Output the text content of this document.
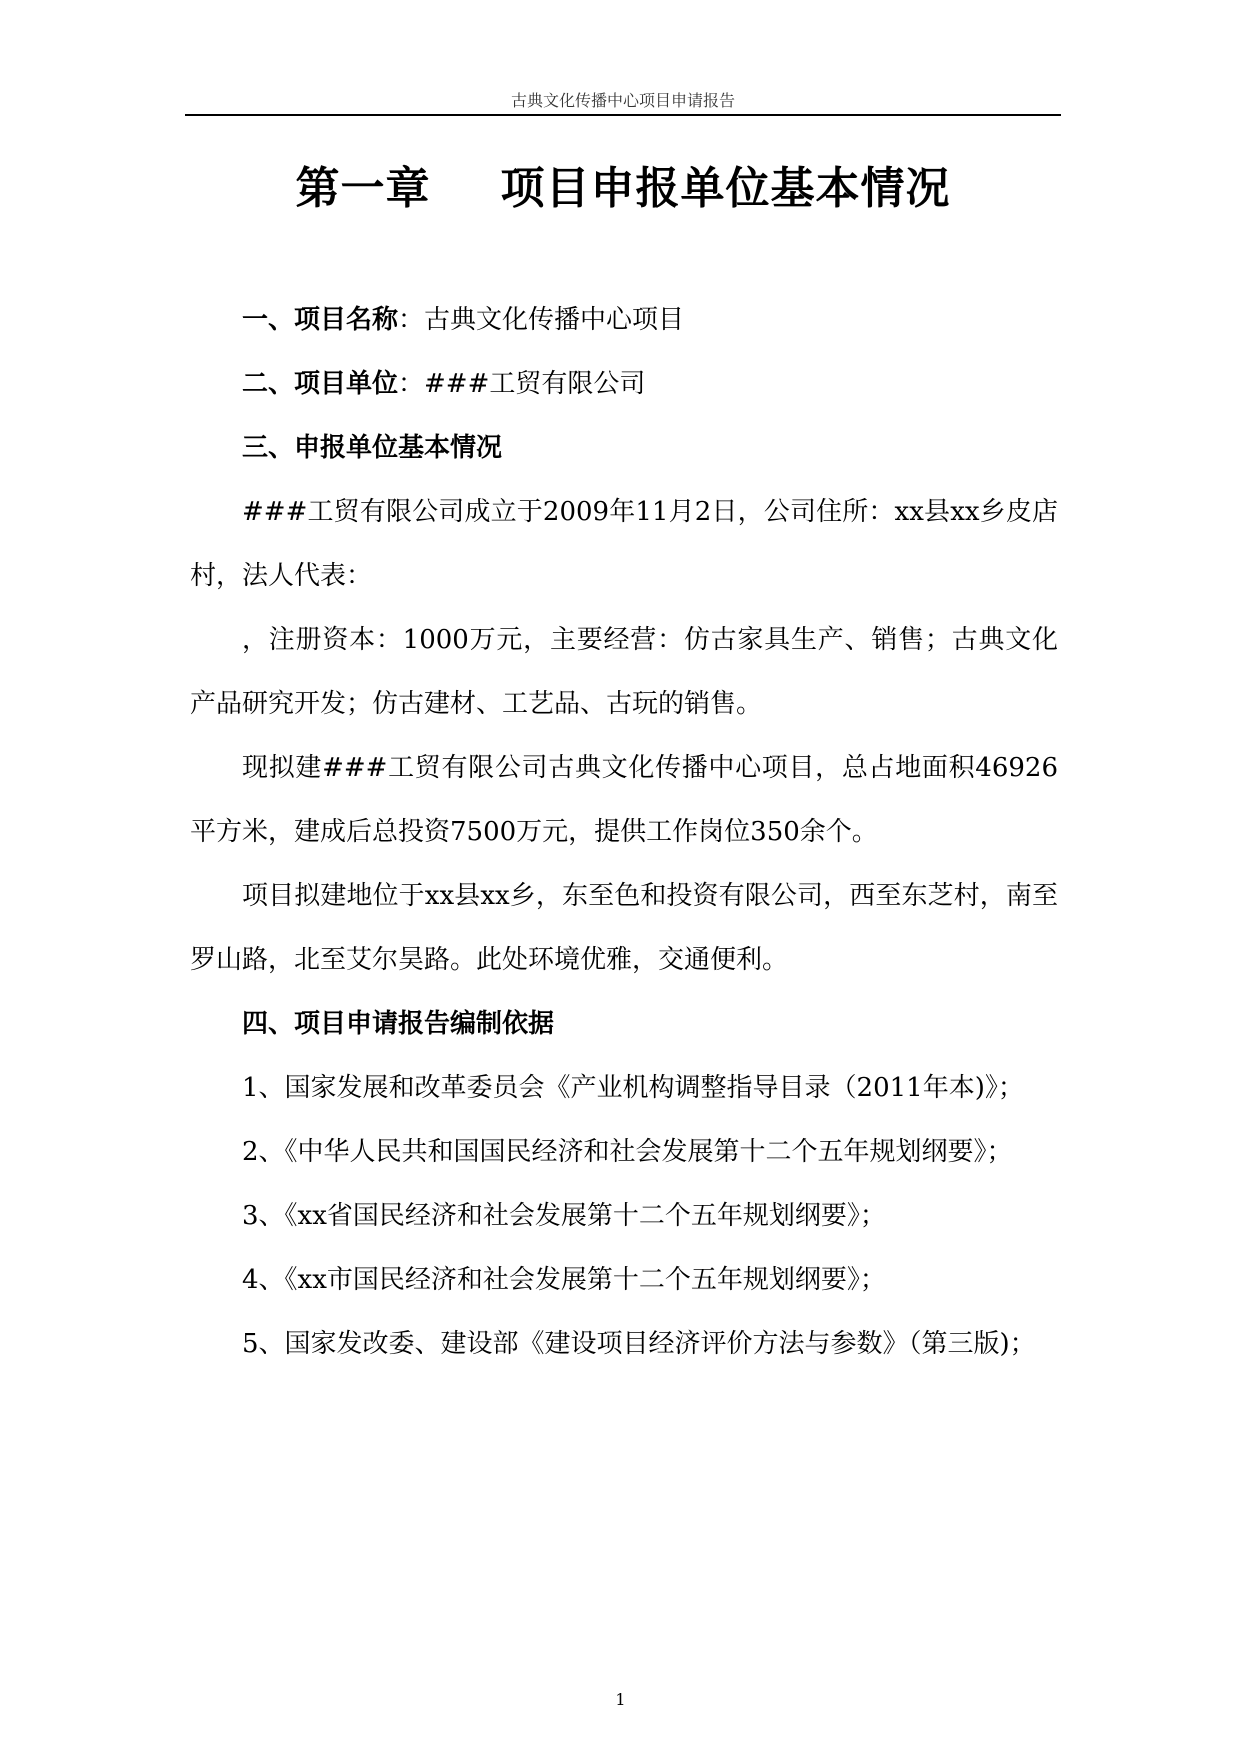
古典文化传播中心项目申请报告
第一章 项目申报单位基本情况

一、项目名称：古典文化传播中心项目

二、项目单位：###工贸有限公司

三、申报单位基本情况

###工贸有限公司成立于2009年11月2日，公司住所：xx县xx乡皮店村，法人代表：

，注册资本：1000万元，主要经营：仿古家具生产、销售；古典文化产品研究开发；仿古建材、工艺品、古玩的销售。

现拟建###工贸有限公司古典文化传播中心项目，总占地面积46926平方米，建成后总投资7500万元，提供工作岗位350余个。

项目拟建地位于xx县xx乡，东至色和投资有限公司，西至东芝村，南至罗山路，北至艾尔昊路。此处环境优雅，交通便利。

四、项目申请报告编制依据

1、国家发展和改革委员会《产业机构调整指导目录（2011年本)》；

2、《中华人民共和国国民经济和社会发展第十二个五年规划纲要》；

3、《xx省国民经济和社会发展第十二个五年规划纲要》；

4、《xx市国民经济和社会发展第十二个五年规划纲要》；

5、国家发改委、建设部《建设项目经济评价方法与参数》（第三版)；

1
